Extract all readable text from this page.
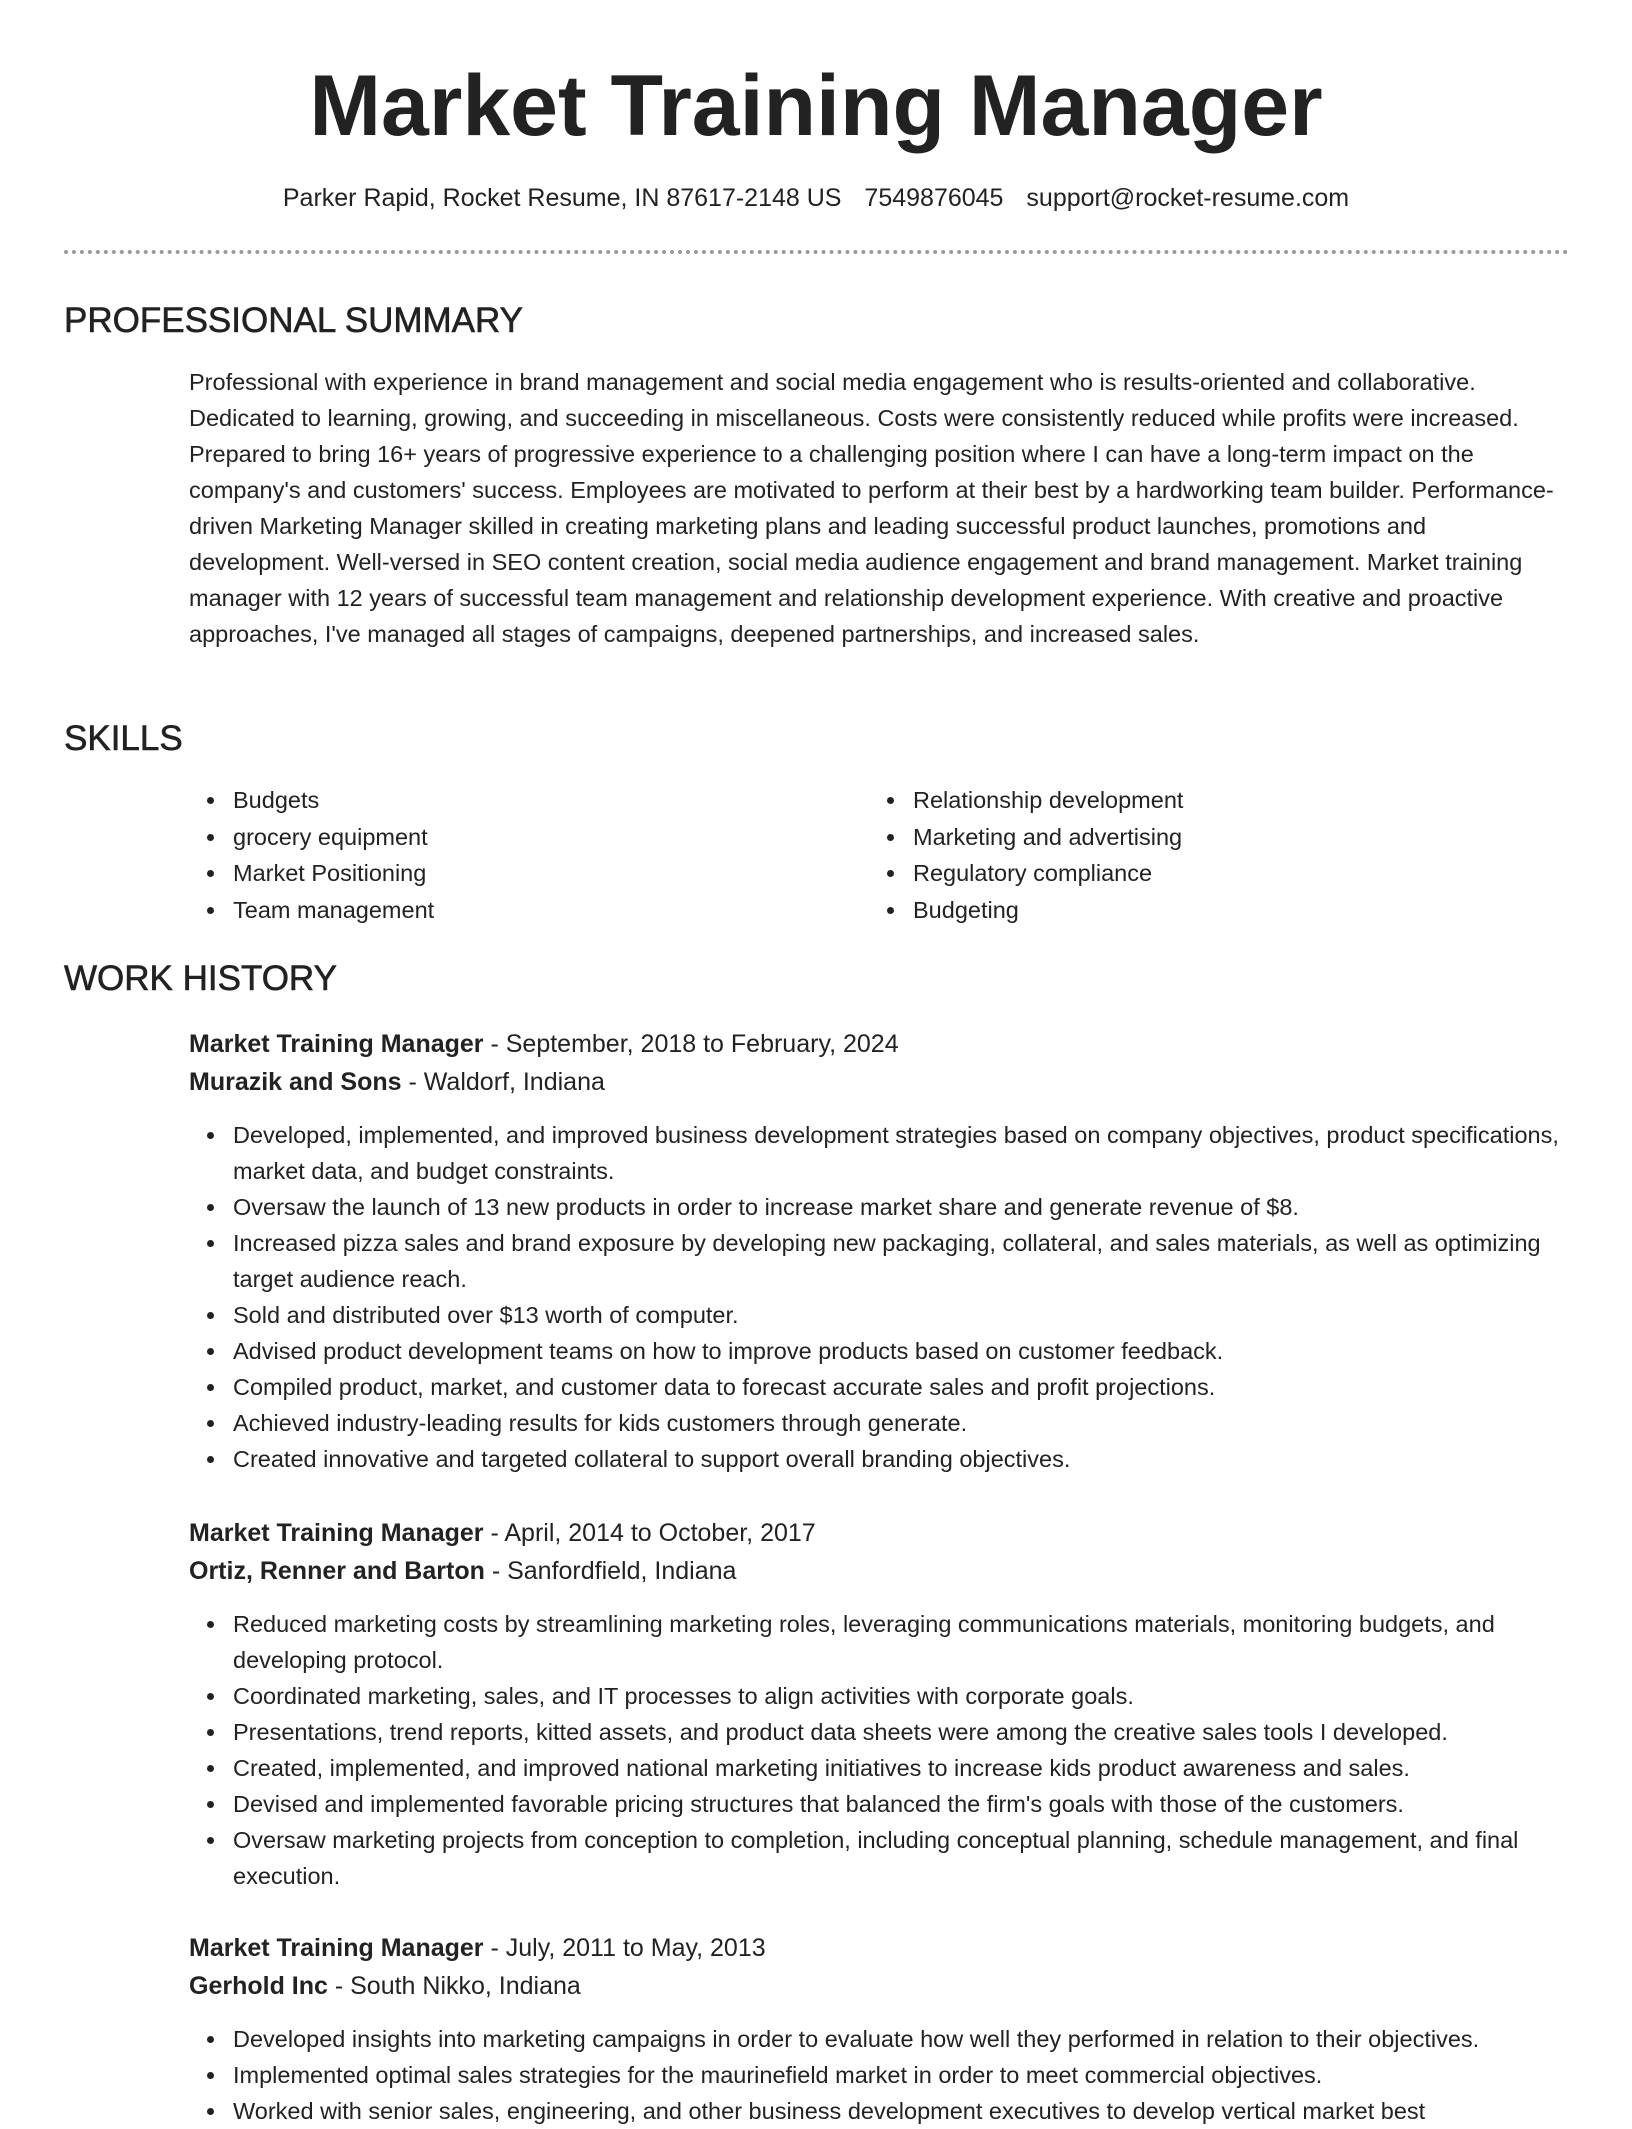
Market Training Manager
Parker Rapid, Rocket Resume, IN 87617-2148 US 7549876045 support@rocket-resume.com
PROFESSIONAL SUMMARY

Professional with experience in brand management and social media engagement who is results-oriented and collaborative. Dedicated to learning, growing, and succeeding in miscellaneous. Costs were consistently reduced while profits were increased. Prepared to bring 16+ years of progressive experience to a challenging position where I can have a long-term impact on the company's and customers' success. Employees are motivated to perform at their best by a hardworking team builder. Performance-driven Marketing Manager skilled in creating marketing plans and leading successful product launches, promotions and development. Well-versed in SEO content creation, social media audience engagement and brand management. Market training manager with 12 years of successful team management and relationship development experience. With creative and proactive approaches, I've managed all stages of campaigns, deepened partnerships, and increased sales.

SKILLS
Budgets	Relationship development
grocery equipment	Marketing and advertising
Market Positioning	Regulatory compliance
Team management	Budgeting
WORK HISTORY
Market Training Manager - September, 2018 to February, 2024
Murazik and Sons - Waldorf, Indiana
Developed, implemented, and improved business development strategies based on company objectives, product specifications, market data, and budget constraints.
Oversaw the launch of 13 new products in order to increase market share and generate revenue of $8.
Increased pizza sales and brand exposure by developing new packaging, collateral, and sales materials, as well as optimizing target audience reach.
Sold and distributed over $13 worth of computer.
Advised product development teams on how to improve products based on customer feedback.
Compiled product, market, and customer data to forecast accurate sales and profit projections.
Achieved industry-leading results for kids customers through generate.
Created innovative and targeted collateral to support overall branding objectives.
Market Training Manager - April, 2014 to October, 2017
Ortiz, Renner and Barton - Sanfordfield, Indiana
Reduced marketing costs by streamlining marketing roles, leveraging communications materials, monitoring budgets, and developing protocol.
Coordinated marketing, sales, and IT processes to align activities with corporate goals.
Presentations, trend reports, kitted assets, and product data sheets were among the creative sales tools I developed.
Created, implemented, and improved national marketing initiatives to increase kids product awareness and sales.
Devised and implemented favorable pricing structures that balanced the firm's goals with those of the customers.
Oversaw marketing projects from conception to completion, including conceptual planning, schedule management, and final execution.
Market Training Manager - July, 2011 to May, 2013
Gerhold Inc - South Nikko, Indiana
Developed insights into marketing campaigns in order to evaluate how well they performed in relation to their objectives.
Implemented optimal sales strategies for the maurinefield market in order to meet commercial objectives.
Worked with senior sales, engineering, and other business development executives to develop vertical market best
